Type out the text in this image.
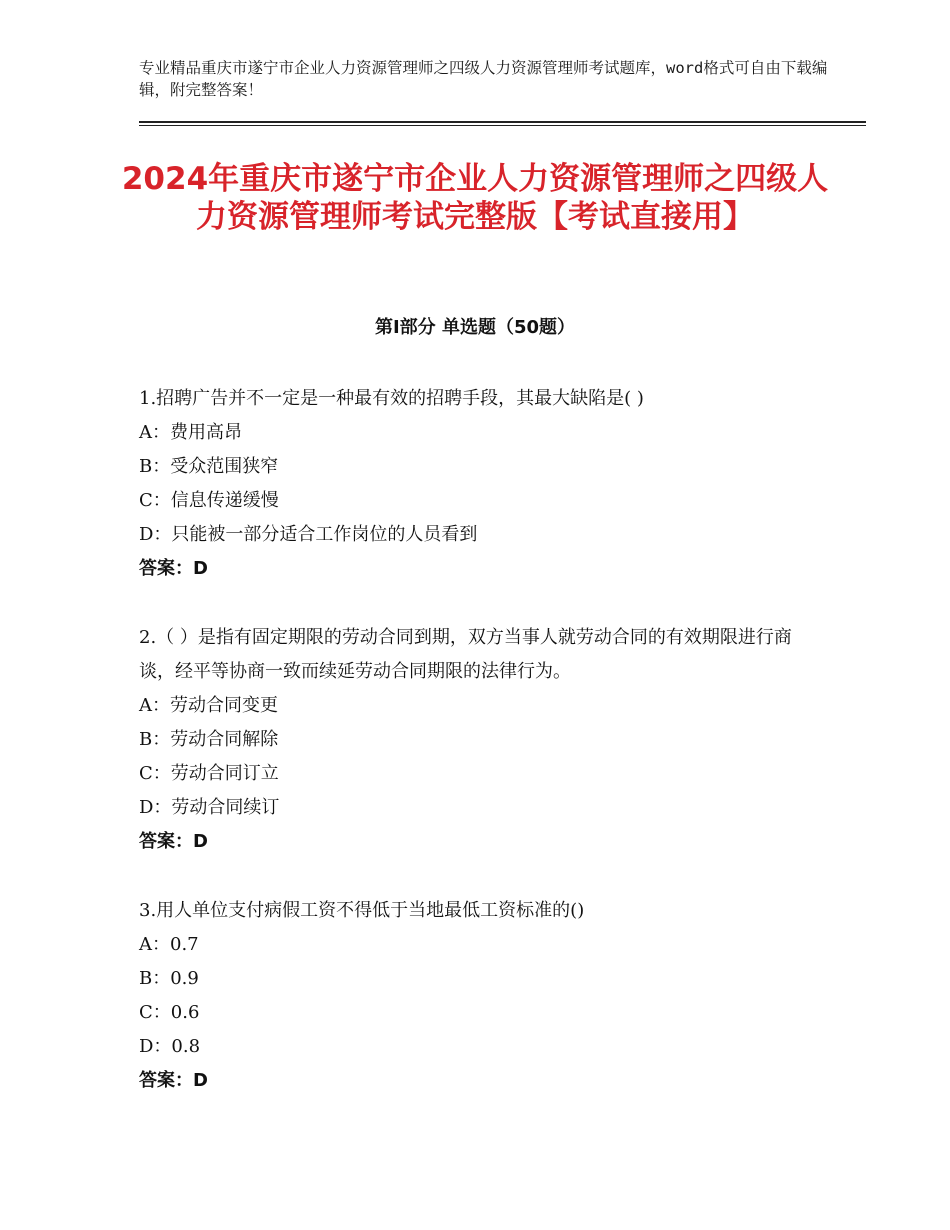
专业精品重庆市遂宁市企业人力资源管理师之四级人力资源管理师考试题库，word格式可自由下载编辑，附完整答案！
2024年重庆市遂宁市企业人力资源管理师之四级人力资源管理师考试完整版【考试直接用】
第Ⅰ部分 单选题（50题）
1.招聘广告并不一定是一种最有效的招聘手段，其最大缺陷是( )
A：费用高昂
B：受众范围狭窄
C：信息传递缓慢
D：只能被一部分适合工作岗位的人员看到
答案：D
2.（ ）是指有固定期限的劳动合同到期，双方当事人就劳动合同的有效期限进行商谈，经平等协商一致而续延劳动合同期限的法律行为。
A：劳动合同变更
B：劳动合同解除
C：劳动合同订立
D：劳动合同续订
答案：D
3.用人单位支付病假工资不得低于当地最低工资标准的()
A：0.7
B：0.9
C：0.6
D：0.8
答案：D
